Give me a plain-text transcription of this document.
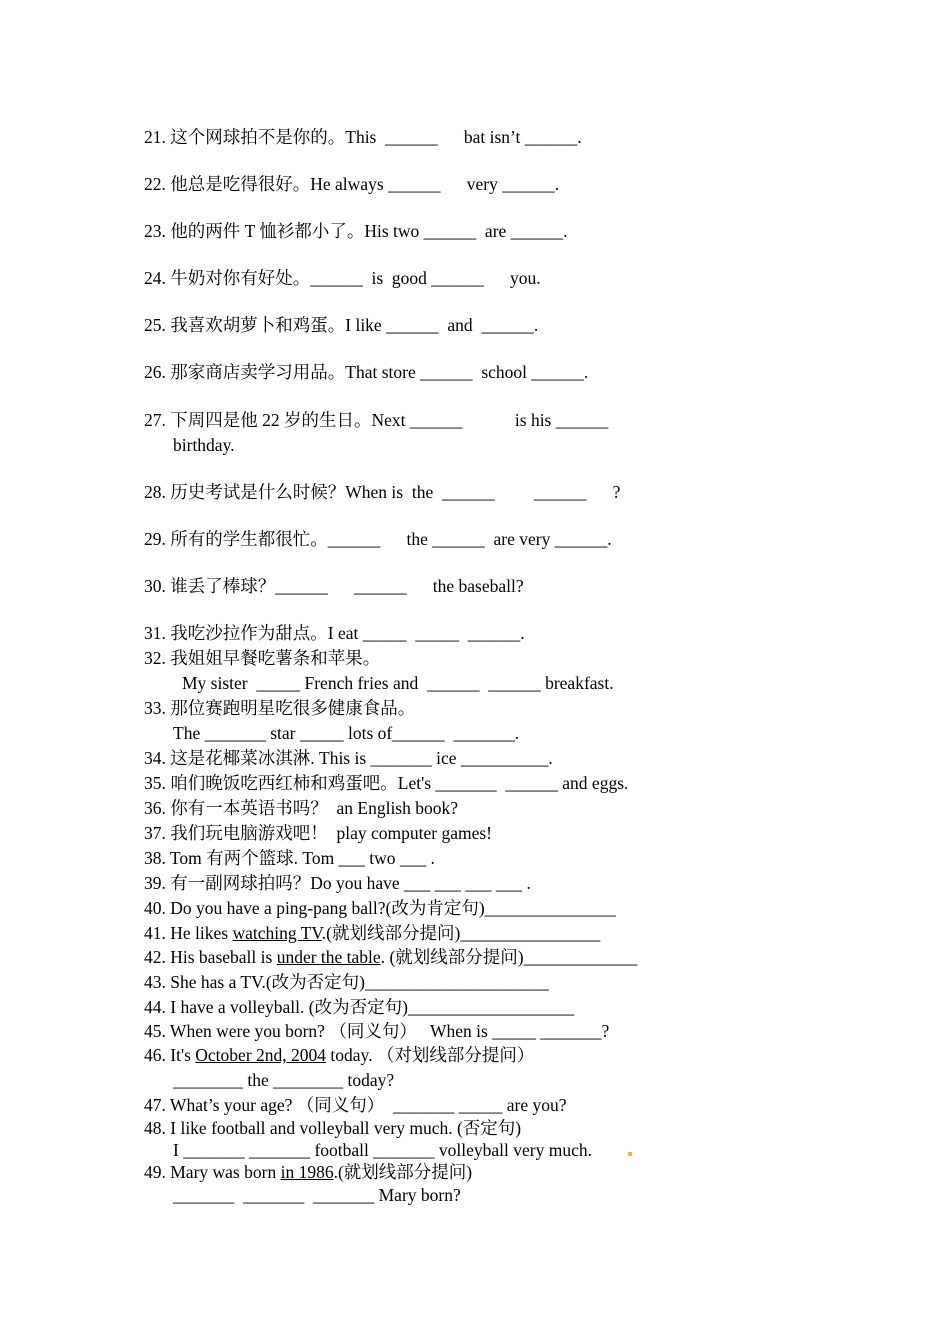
21. 这个网球拍不是你的。This  ______      bat isn’t ______.

22. 他总是吃得很好。He always ______      very ______.

23. 他的两件 T 恤衫都小了。His two ______  are ______.

24. 牛奶对你有好处。______  is  good ______      you.

25. 我喜欢胡萝卜和鸡蛋。I like ______  and  ______.

26. 那家商店卖学习用品。That store ______  school ______.

27. 下周四是他 22 岁的生日。Next ______            is his ______

birthday.

28. 历史考试是什么时候？When is  the  ______         ______      ?

29. 所有的学生都很忙。______      the ______  are very ______.

30. 谁丢了棒球？______      ______      the baseball?

31. 我吃沙拉作为甜点。I eat _____  _____  ______.

32. 我姐姐早餐吃薯条和苹果。

My sister  _____ French fries and  ______  ______ breakfast.

33. 那位赛跑明星吃很多健康食品。

The _______ star _____ lots of______  _______.

34. 这是花椰菜冰淇淋. This is _______ ice __________.

35. 咱们晚饭吃西红柿和鸡蛋吧。Let's _______  ______ and eggs.

36. 你有一本英语书吗？  an English book?

37. 我们玩电脑游戏吧！  play computer games!

38. Tom 有两个篮球. Tom ___ two ___ .

39. 有一副网球拍吗？Do you have ___ ___ ___ ___ .

40. Do you have a ping-pang ball?(改为肯定句)_______________

41. He likes watching TV.(就划线部分提问)________________

42. His baseball is under the table. (就划线部分提问)_____________

43. She has a TV.(改为否定句)_____________________

44. I have a volleyball. (改为否定句)___________________

45. When were you born? （同义句）   When is _____ _______?

46. It's October 2nd, 2004 today. （对划线部分提问）

________ the ________ today?

47. What’s your age? （同义句）  _______ _____ are you?

48. I like football and volleyball very much. (否定句)

I _______ _______ football _______ volleyball very much.

49. Mary was born in 1986.(就划线部分提问)

_______  _______  _______ Mary born?
